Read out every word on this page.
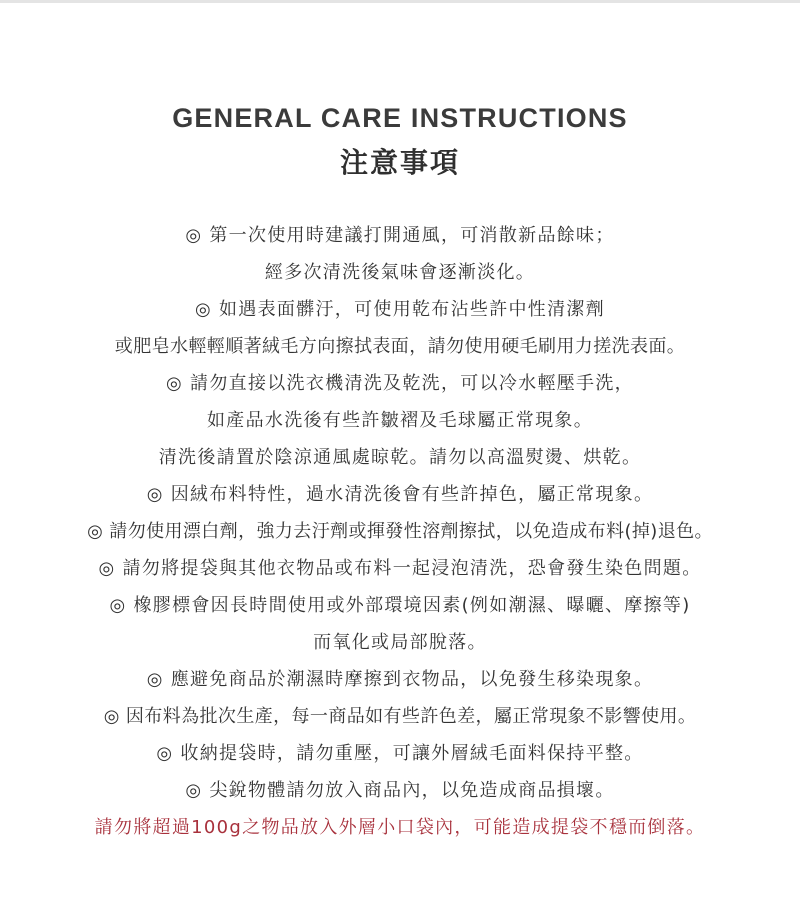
GENERAL CARE INSTRUCTIONS
注意事項
◎ 第一次使用時建議打開通風，可消散新品餘味；
經多次清洗後氣味會逐漸淡化。
◎ 如遇表面髒汙，可使用乾布沾些許中性清潔劑
或肥皂水輕輕順著絨毛方向擦拭表面，請勿使用硬毛刷用力搓洗表面。
◎ 請勿直接以洗衣機清洗及乾洗，可以冷水輕壓手洗，
如產品水洗後有些許皺褶及毛球屬正常現象。
清洗後請置於陰涼通風處晾乾。請勿以高溫熨燙、烘乾。
◎ 因絨布料特性，過水清洗後會有些許掉色，屬正常現象。
◎ 請勿使用漂白劑，強力去汙劑或揮發性溶劑擦拭，以免造成布料(掉)退色。
◎ 請勿將提袋與其他衣物品或布料一起浸泡清洗，恐會發生染色問題。
◎ 橡膠標會因長時間使用或外部環境因素(例如潮濕、曝曬、摩擦等)
而氧化或局部脫落。
◎ 應避免商品於潮濕時摩擦到衣物品，以免發生移染現象。
◎ 因布料為批次生產，每一商品如有些許色差，屬正常現象不影響使用。
◎ 收納提袋時，請勿重壓，可讓外層絨毛面料保持平整。
◎ 尖銳物體請勿放入商品內，以免造成商品損壞。
請勿將超過100g之物品放入外層小口袋內，可能造成提袋不穩而倒落。
